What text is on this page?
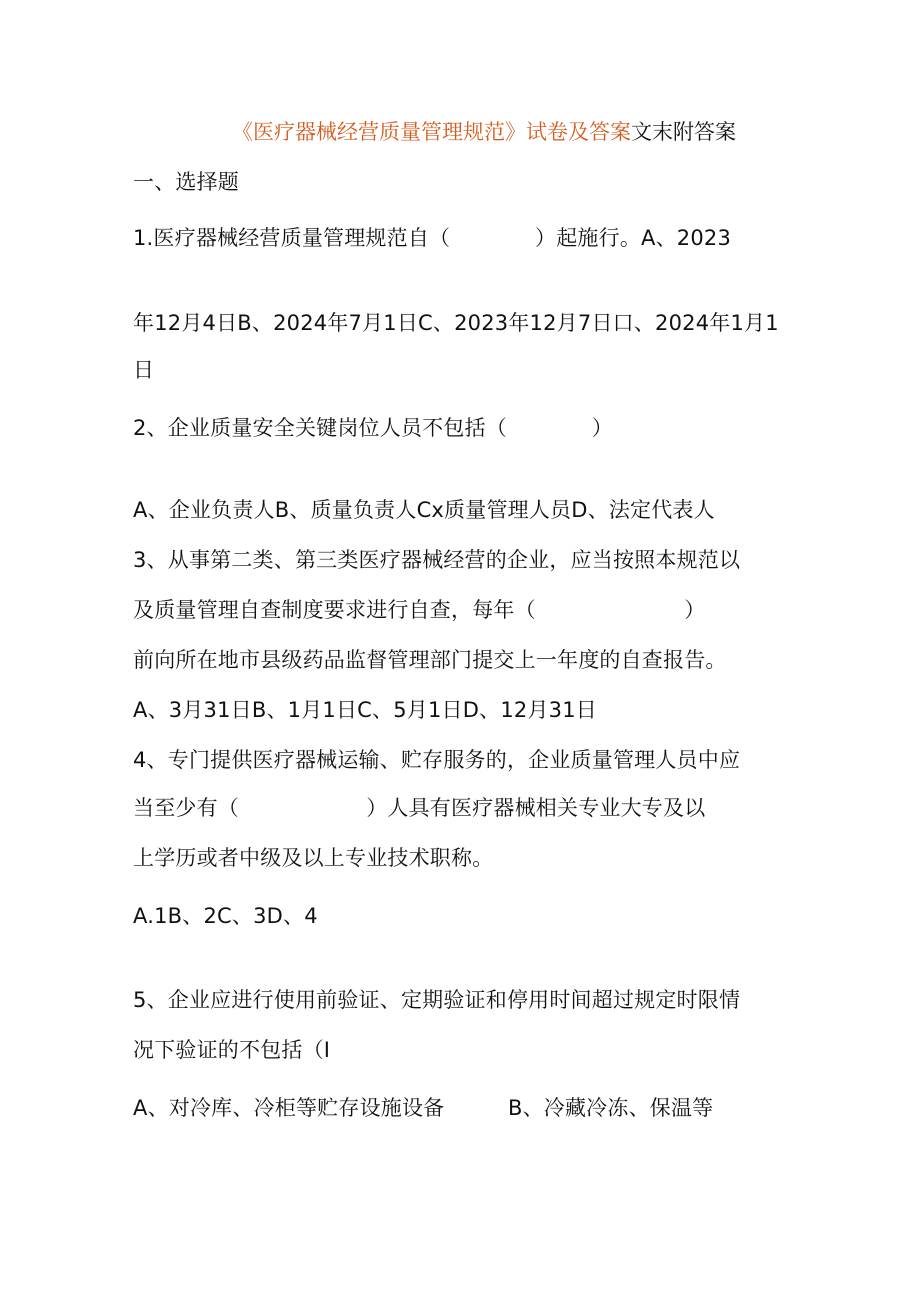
《医疗器械经营质量管理规范》试卷及答案文末附答案
一、选择题
1.医疗器械经营质量管理规范自（　　　　）起施行。A、2023
年12月4日B、2024年7月1日C、2023年12月7日口、2024年1月1
日
2、企业质量安全关键岗位人员不包括（　　　　）
A、企业负责人B、质量负责人Cx质量管理人员D、法定代表人
3、从事第二类、第三类医疗器械经营的企业，应当按照本规范以
及质量管理自查制度要求进行自查，每年（　　　　　　　）
前向所在地市县级药品监督管理部门提交上一年度的自查报告。
A、3月31日B、1月1日C、5月1日D、12月31日
4、专门提供医疗器械运输、贮存服务的，企业质量管理人员中应
当至少有（　　　　　　）人具有医疗器械相关专业大专及以
上学历或者中级及以上专业技术职称。
A.1B、2C、3D、4
5、企业应进行使用前验证、定期验证和停用时间超过规定时限情
况下验证的不包括（I
A、对冷库、冷柜等贮存设施设备　　　B、冷藏冷冻、保温等
